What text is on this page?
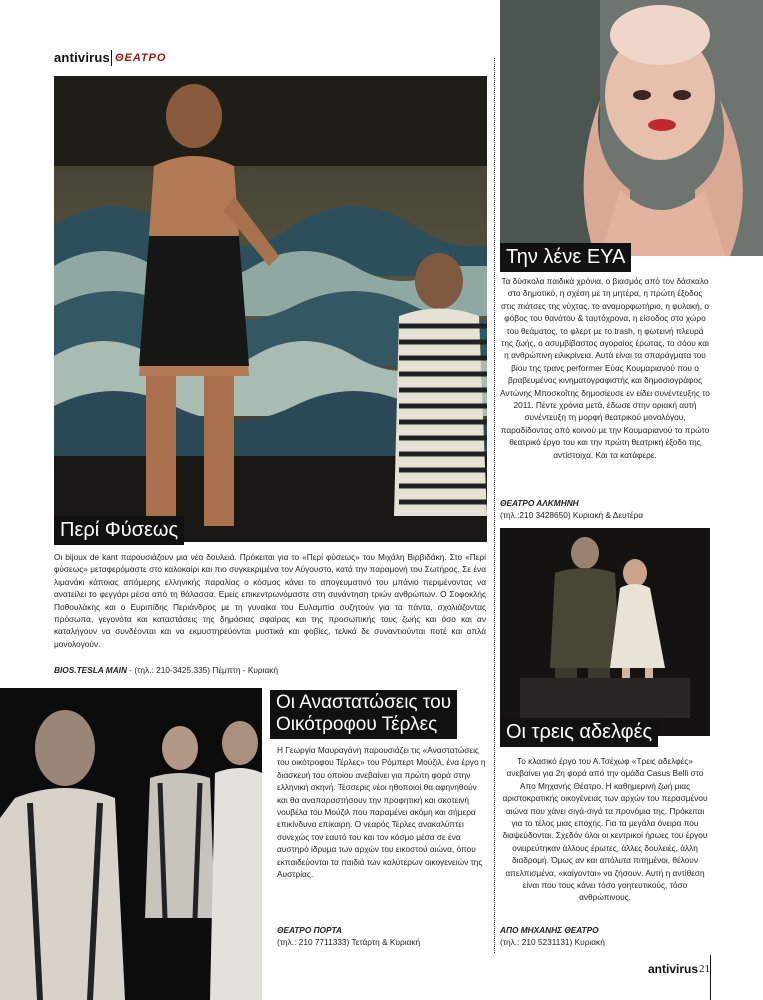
antivirus ΘΕΑΤΡΟ
Περί Φύσεως
Οι bijoux de kant παρουσιάζουν μια νέα δουλειά. Πρόκειται για το «Περί φύσεως» του Μιχάλη Βιρβιδάκη. Στο «Περί φύσεως» μεταφερόμαστε στο καλοκαίρι και πιο συγκεκριμένα τον Αύγουστο, κατά την παραμονή του Σωτήρος. Σε ένα λιμανάκι κάποιας απόμερης ελληνικής παραλίας ο κόσμος κάνει το απογευματινό του μπάνιο περιμένοντας να ανατείλει το φεγγάρι μέσα από τη θάλασσα. Εμείς επικεντρωνόμαστε στη συνάντηση τριών ανθρώπων. Ο Σοφοκλής Ποθουλάκης και ο Ευριπίδης Περιάνδρος με τη γυναίκα του Ευλαμπία συζητούν για τα πάντα, σχολιάζοντας πρόσωπα, γεγονότα και καταστάσεις της δημόσιας σφαίρας και της προσωπικής τους ζωής και όσο και αν καταλήγουν να συνδέονται και να εκμυστηρεύονται μυστικά και φοβίες, τελικά δε συναντιούνται ποτέ και απλά μονολογούν.
BIOS.TESLA MAIN - (τηλ.: 210-3425.335) Πέμπτη - Κυριακή
Την λένε ΕΥΑ
Τα δύσκολα παιδικά χρόνια, ο βιασμός από τον δάσκαλο στο δημοτικό, η σχέση με τη μητέρα, η πρώτη έξοδος στις πιάτσες της νύχτας, το αναμορφωτήριο, η φυλακή, ο φόβος του θανάτου & ταυτόχρονα, η είσοδος στο χώρο του θεάματος, το φλερτ με το trash, η φωτεινή πλευρά της ζωής, ο ασυμβίβαστος αγοραίος έρωτας, το σόου και η ανθρώπινη ειλικρίνεια. Αυτά είναι τα σπαράγματα του βίου της τρανς performer Εύας Κουμαριανού που ο βραβευμένος κινηματογραφιστής και δημοσιογράφος Αντώνης Μποσκοΐτης δημοσίευσε εν είδει συνέντευξης το 2011. Πέντε χρόνια μετά, έδωσε στην οριακή αυτή συνέντευξη τη μορφή θεατρικού μονολόγου, παραδίδοντας από κοινού με την Κουμαριανού το πρώτο θεατρικό έργο του και την πρώτη θεατρική έξοδο της αντίστοιχα. Και τα κατάφερε.
ΘΕΑΤΡΟ ΑΛΚΜΗΝΗ
(τηλ.:210 3428650) Κυριακή & Δευτέρα
Οι τρεις αδελφές
Το κλασικό έργο του Α.Τσέχωφ «Τρεις αδελφές» ανεβαίνει για 2η φορά από την ομάδα Casus Belli στο Απο Μηχανής Θέατρο. Η καθημερινή ζωή μιας αριστοκρατικής οικογένειας των αρχών του περασμένου αιώνα που χάνει σιγά-σιγά τα προνόμια της. Πρόκειται για το τέλος μιας εποχής. Για τα μεγάλα όνειρα που διαψεύδονται. Σχεδόν όλοι οι κεντρικοί ήρωες του έργου ονειρεύτηκαν άλλους έρωτες, άλλες δουλειές, άλλη διαδρομή. Όμως αν και απόλυτα πιτημένοι, θέλουν απελπισμένα, «καίγονται» να ζήσουν. Αυτή η αντίθεση είναι που τους κάνει τόσο γοητευτικούς, τόσο ανθρώπινους.
ΑΠΟ ΜΗΧΑΝΗΣ ΘΕΑΤΡΟ
(τηλ.: 210 5231131) Κυριακή
Οι Αναστατώσεις του
Οικότροφου Τέρλες
Η Γεωργία Μαυραγάνη παρουσιάζει τις «Αναστατώσεις του οικότροφου Τέρλες» του Ρόμπερτ Μούζιλ, ένα έργο η διασκευή του οποίου ανεβαίνει για πρώτη φορά στην ελληνική σκηνή. Τέσσερις νέοι ηθοποιοί θα αφηνηθούν και θα αναπαραστήσουν την προφητική και σκοτεινή νουβέλα του Μούζιλ που παραμένει ακόμη και σήμερα επικίνδυνα επίκαιρη. Ο νεαρός Τέρλες ανακαλύπτει συνεχώς τον εαυτό του και τον κόσμο μέσα σε ένα αυστηρό ίδρυμα των αρχών του εικοστού αιώνα, όπου εκπαιδεύονται τα παιδιά των καλύτερων οικογενειών της Αυστρίας.
ΘΕΑΤΡΟ ΠΟΡΤΑ
(τηλ.: 210 7711333) Τετάρτη & Κυριακή
antivirus 21
